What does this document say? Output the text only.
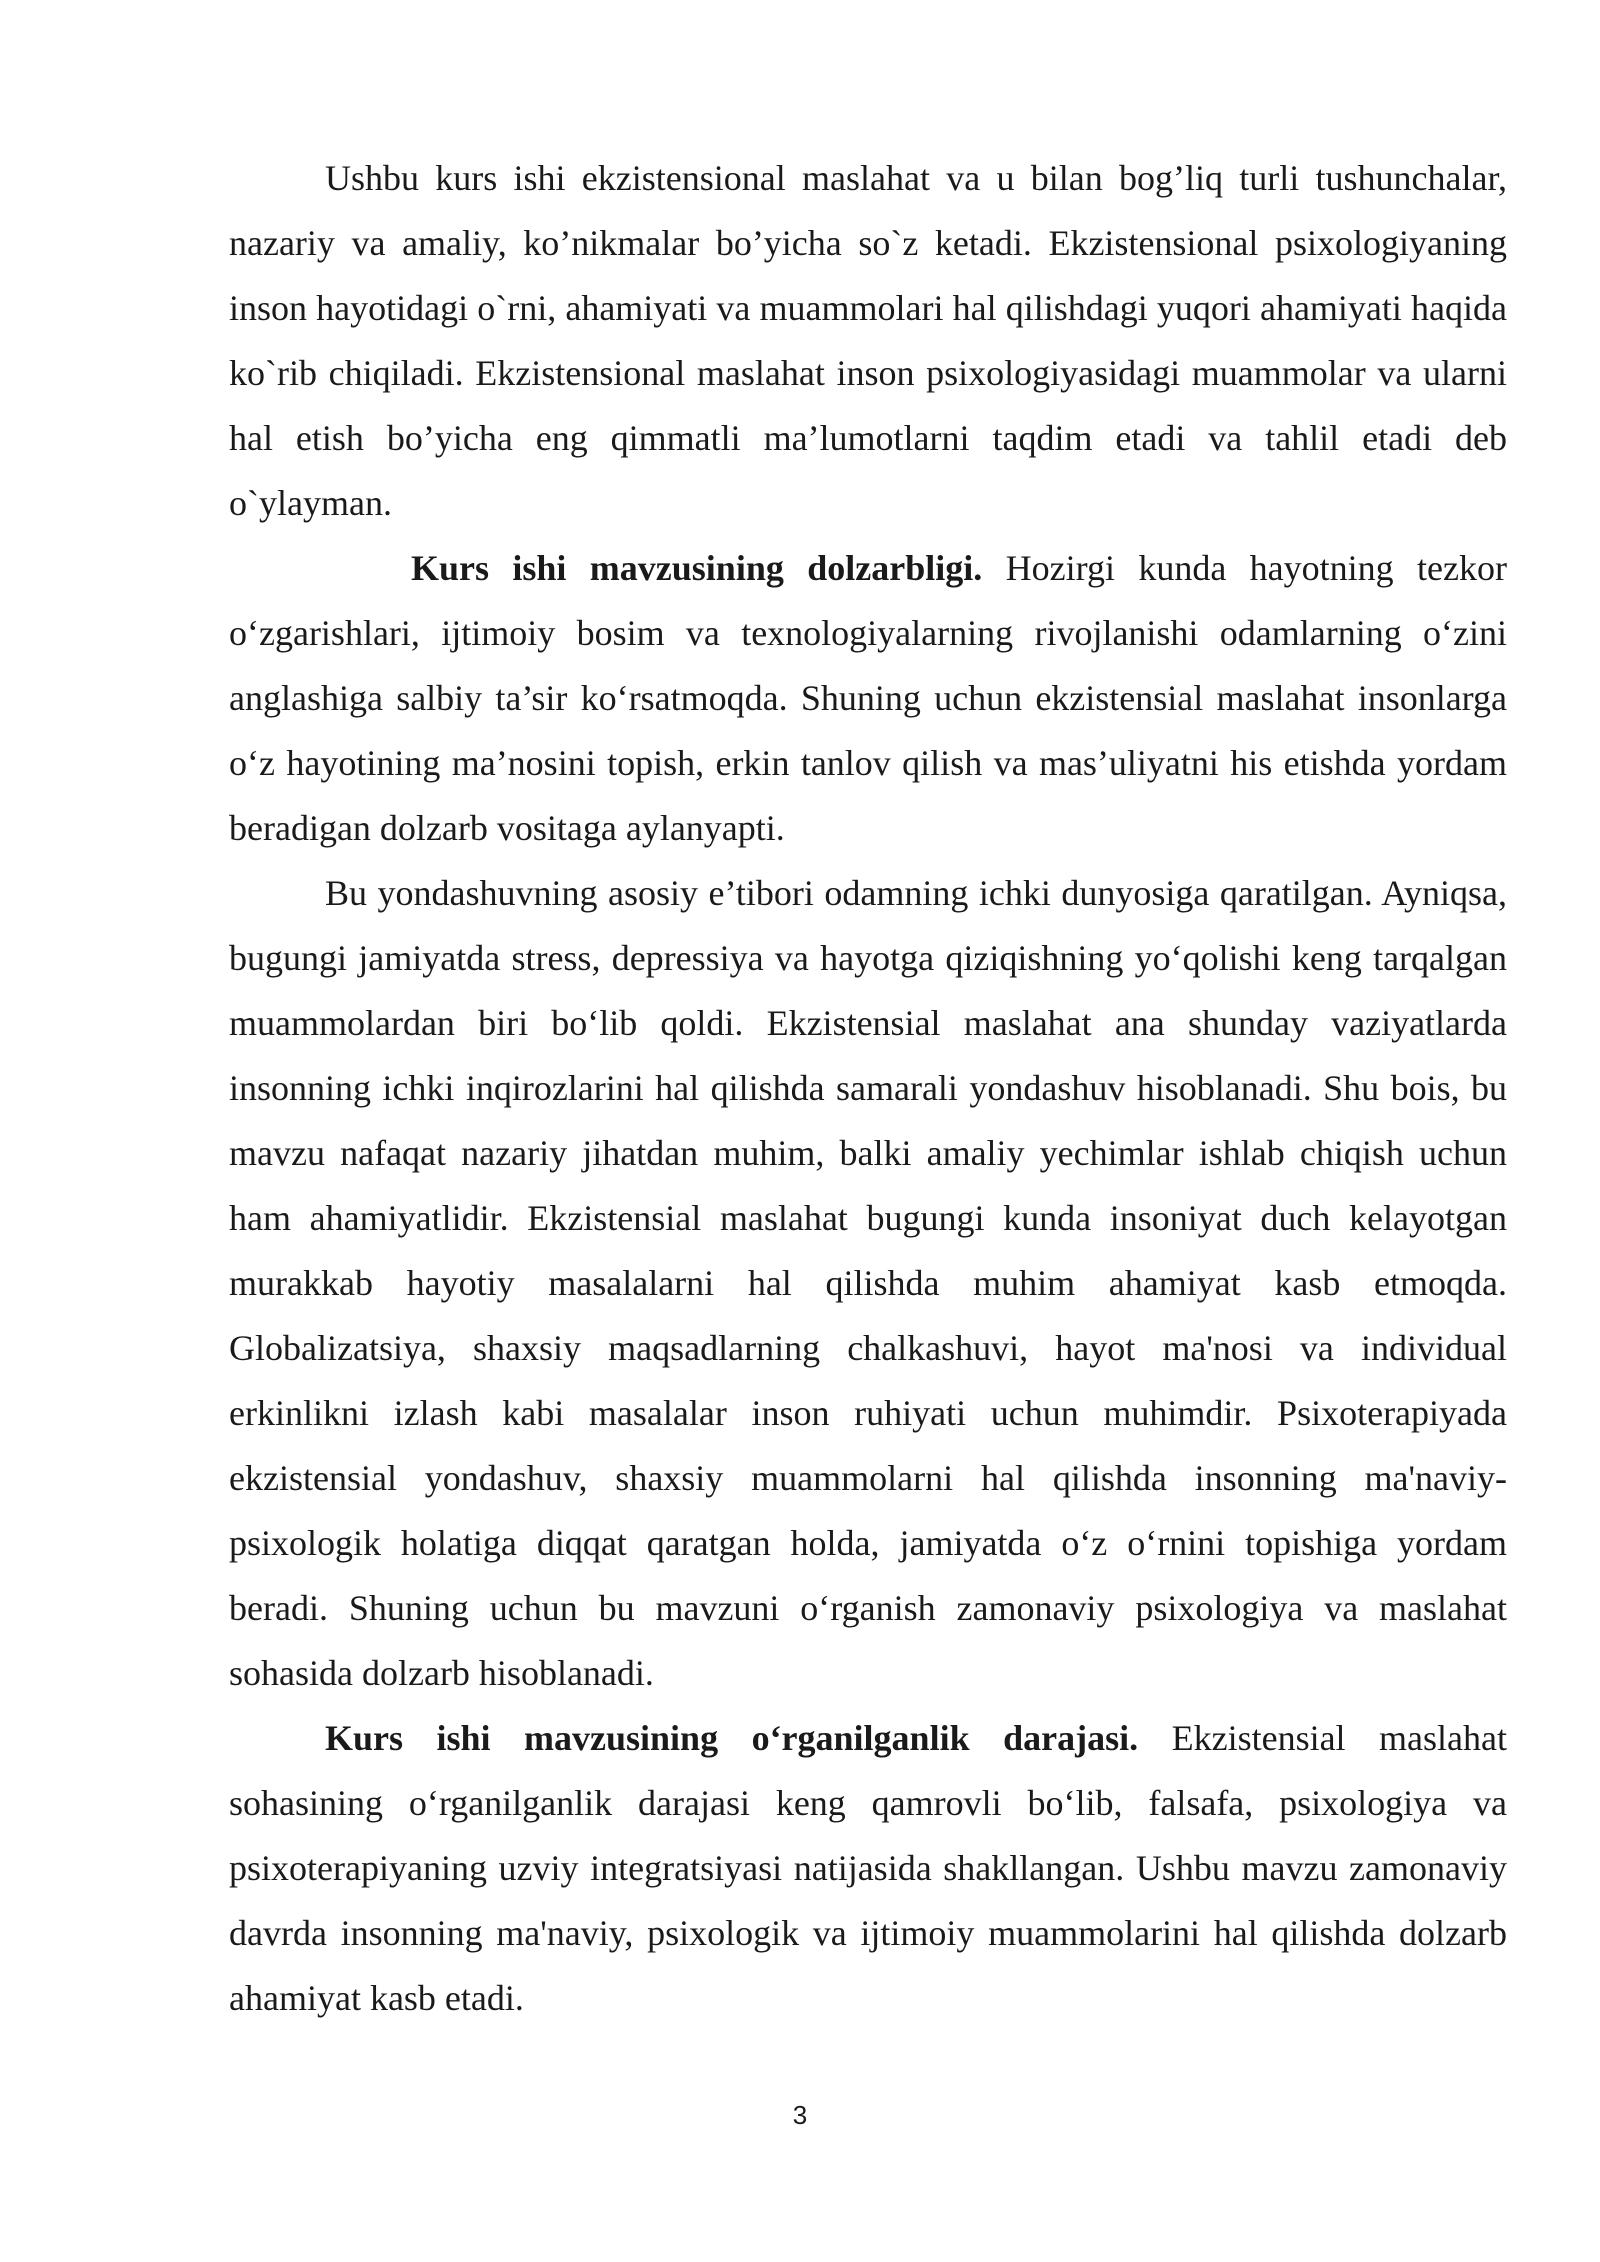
Ushbu kurs ishi ekzistensional maslahat va u bilan bog’liq turli tushunchalar, nazariy va amaliy, ko’nikmalar bo’yicha so`z ketadi. Ekzistensional psixologiyaning inson hayotidagi o`rni, ahamiyati va muammolari hal qilishdagi yuqori ahamiyati haqida ko`rib chiqiladi. Ekzistensional maslahat inson psixologiyasidagi muammolar va ularni hal etish bo’yicha eng qimmatli ma’lumotlarni taqdim etadi va tahlil etadi deb o`ylayman.

Kurs ishi mavzusining dolzarbligi. Hozirgi kunda hayotning tezkor o‘zgarishlari, ijtimoiy bosim va texnologiyalarning rivojlanishi odamlarning o‘zini anglashiga salbiy ta’sir ko‘rsatmoqda. Shuning uchun ekzistensial maslahat insonlarga o‘z hayotining ma’nosini topish, erkin tanlov qilish va mas’uliyatni his etishda yordam beradigan dolzarb vositaga aylanyapti.

Bu yondashuvning asosiy e’tibori odamning ichki dunyosiga qaratilgan. Ayniqsa, bugungi jamiyatda stress, depressiya va hayotga qiziqishning yo‘qolishi keng tarqalgan muammolardan biri bo‘lib qoldi. Ekzistensial maslahat ana shunday vaziyatlarda insonning ichki inqirozlarini hal qilishda samarali yondashuv hisoblanadi. Shu bois, bu mavzu nafaqat nazariy jihatdan muhim, balki amaliy yechimlar ishlab chiqish uchun ham ahamiyatlidir. Ekzistensial maslahat bugungi kunda insoniyat duch kelayotgan murakkab hayotiy masalalarni hal qilishda muhim ahamiyat kasb etmoqda. Globalizatsiya, shaxsiy maqsadlarning chalkashuvi, hayot ma'nosi va individual erkinlikni izlash kabi masalalar inson ruhiyati uchun muhimdir. Psixoterapiyada ekzistensial yondashuv, shaxsiy muammolarni hal qilishda insonning ma'naviy-psixologik holatiga diqqat qaratgan holda, jamiyatda o‘z o‘rnini topishiga yordam beradi. Shuning uchun bu mavzuni o‘rganish zamonaviy psixologiya va maslahat sohasida dolzarb hisoblanadi.

Kurs ishi mavzusining o‘rganilganlik darajasi. Ekzistensial maslahat sohasining o‘rganilganlik darajasi keng qamrovli bo‘lib, falsafa, psixologiya va psixoterapiyaning uzviy integratsiyasi natijasida shakllangan. Ushbu mavzu zamonaviy davrda insonning ma'naviy, psixologik va ijtimoiy muammolarini hal qilishda dolzarb ahamiyat kasb etadi.

3
